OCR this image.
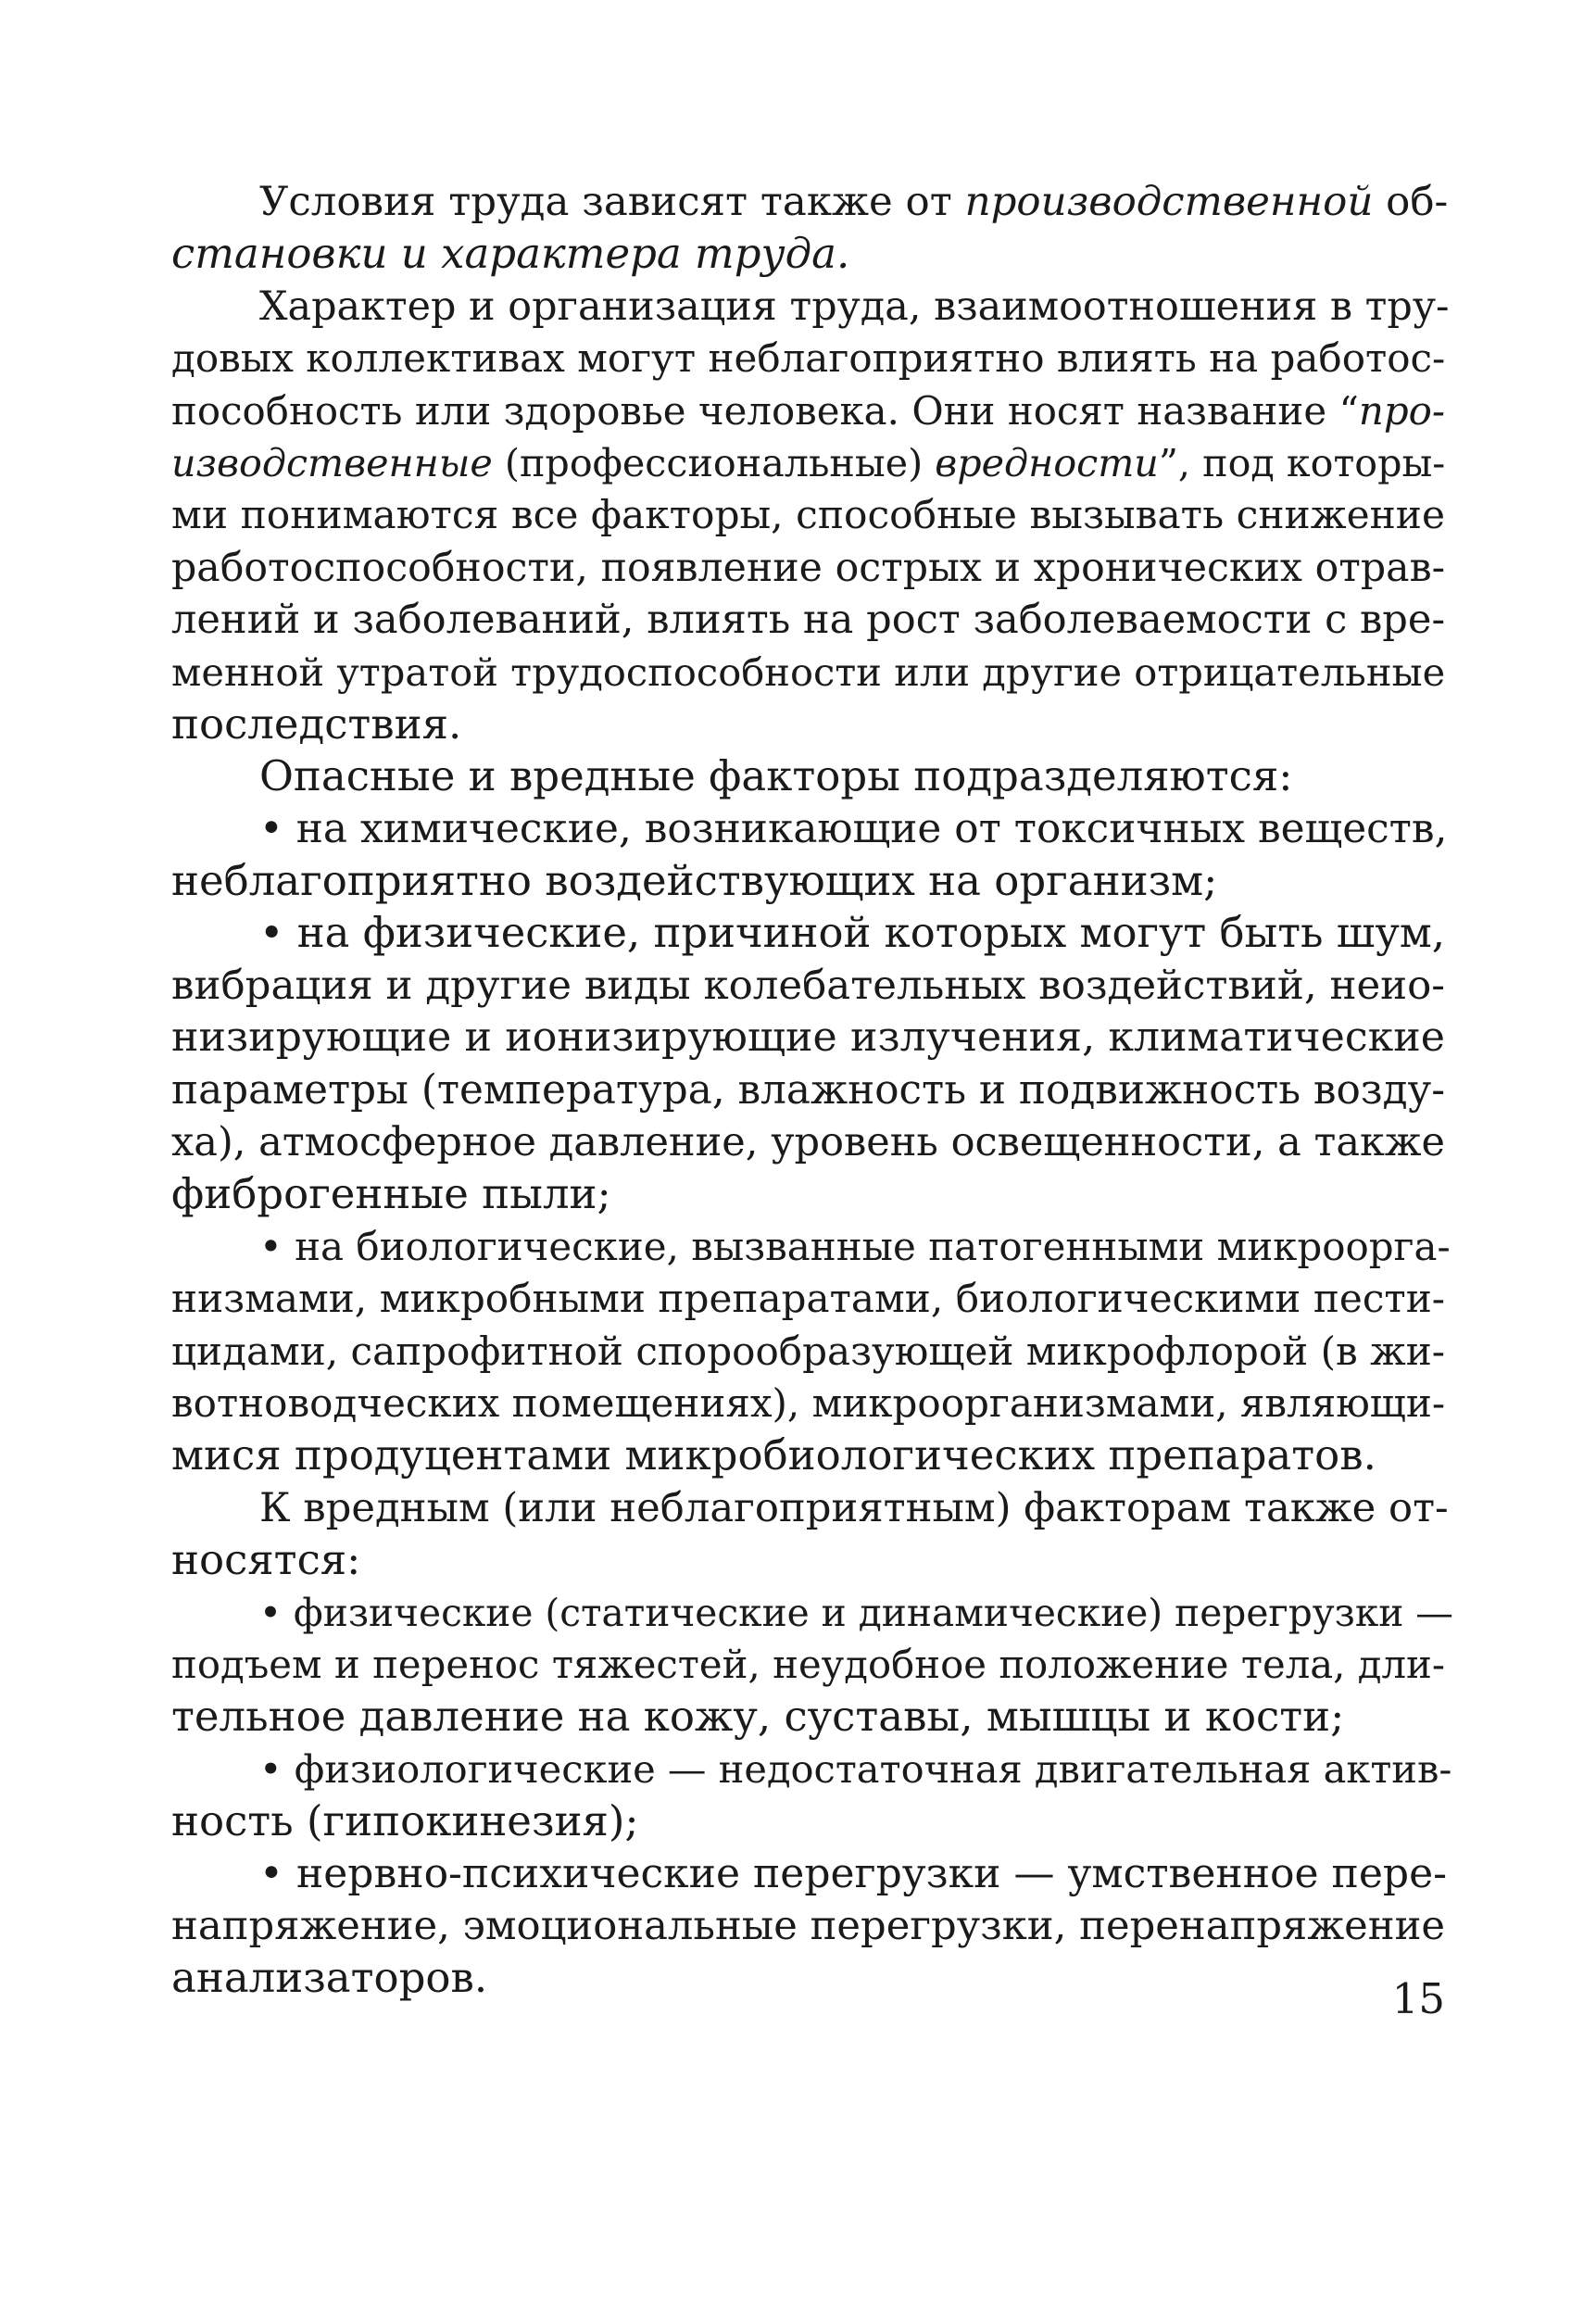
Условия труда зависят также от производственной об-
становки и характера труда.
Характер и организация труда, взаимоотношения в тру-
довых коллективах могут неблагоприятно влиять на работос-
пособность или здоровье человека. Они носят название “про-
изводственные (профессиональные) вредности”, под которы-
ми понимаются все факторы, способные вызывать снижение
работоспособности, появление острых и хронических отрав-
лений и заболеваний, влиять на рост заболеваемости с вре-
менной утратой трудоспособности или другие отрицательные
последствия.
Опасные и вредные факторы подразделяются:
• на химические, возникающие от токсичных веществ,
неблагоприятно воздействующих на организм;
• на физические, причиной которых могут быть шум,
вибрация и другие виды колебательных воздействий, неио-
низирующие и ионизирующие излучения, климатические
параметры (температура, влажность и подвижность возду-
ха), атмосферное давление, уровень освещенности, а также
фиброгенные пыли;
• на биологические, вызванные патогенными микроорга-
низмами, микробными препаратами, биологическими пести-
цидами, сапрофитной спорообразующей микрофлорой (в жи-
вотноводческих помещениях), микроорганизмами, являющи-
мися продуцентами микробиологических препаратов.
К вредным (или неблагоприятным) факторам также от-
носятся:
• физические (статические и динамические) перегрузки —
подъем и перенос тяжестей, неудобное положение тела, дли-
тельное давление на кожу, суставы, мышцы и кости;
• физиологические — недостаточная двигательная актив-
ность (гипокинезия);
• нервно-психические перегрузки — умственное пере-
напряжение, эмоциональные перегрузки, перенапряжение
анализаторов.	15
